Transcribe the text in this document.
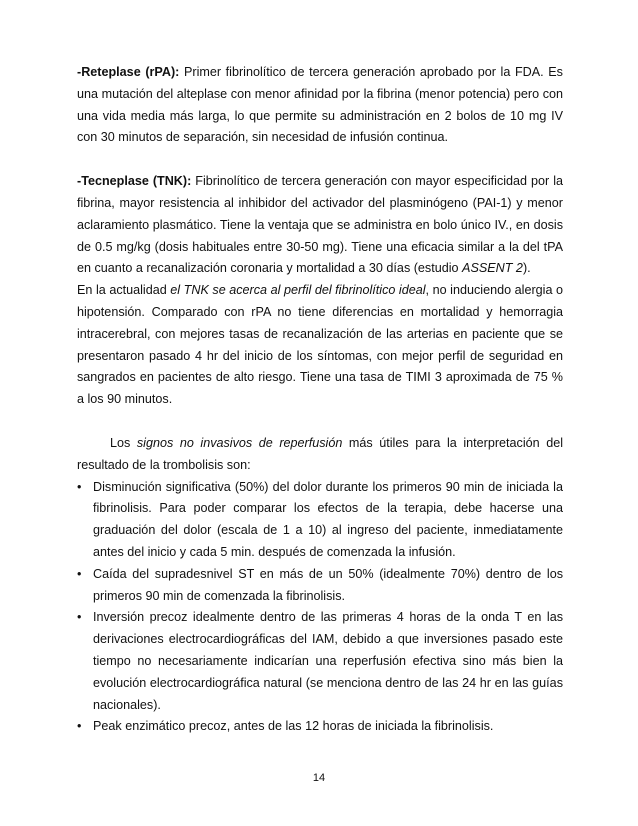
-Reteplase (rPA): Primer fibrinolítico de tercera generación aprobado por la FDA. Es una mutación del alteplase con menor afinidad por la fibrina (menor potencia) pero con una vida media más larga, lo que permite su administración en 2 bolos de 10 mg IV con 30 minutos de separación, sin necesidad de infusión continua.

-Tecneplase (TNK): Fibrinolítico de tercera generación con mayor especificidad por la fibrina, mayor resistencia al inhibidor del activador del plasminógeno (PAI-1) y menor aclaramiento plasmático. Tiene la ventaja que se administra en bolo único IV., en dosis de 0.5 mg/kg (dosis habituales entre 30-50 mg). Tiene una eficacia similar a la del tPA en cuanto a recanalización coronaria y mortalidad a 30 días (estudio ASSENT 2).

En la actualidad el TNK se acerca al perfil del fibrinolítico ideal, no induciendo alergia o hipotensión. Comparado con rPA no tiene diferencias en mortalidad y hemorragia intracerebral, con mejores tasas de recanalización de las arterias en paciente que se presentaron pasado 4 hr del inicio de los síntomas, con mejor perfil de seguridad en sangrados en pacientes de alto riesgo. Tiene una tasa de TIMI 3 aproximada de 75 % a los 90 minutos.

Los signos no invasivos de reperfusión más útiles para la interpretación del resultado de la trombolisis son:

• Disminución significativa (50%) del dolor durante los primeros 90 min de iniciada la fibrinolisis. Para poder comparar los efectos de la terapia, debe hacerse una graduación del dolor (escala de 1 a 10) al ingreso del paciente, inmediatamente antes del inicio y cada 5 min. después de comenzada la infusión.
• Caída del supradesnivel ST en más de un 50% (idealmente 70%) dentro de los primeros 90 min de comenzada la fibrinolisis.
• Inversión precoz idealmente dentro de las primeras 4 horas de la onda T en las derivaciones electrocardiográficas del IAM, debido a que inversiones pasado este tiempo no necesariamente indicarían una reperfusión efectiva sino más bien la evolución electrocardiográfica natural (se menciona dentro de las 24 hr en las guías nacionales).
• Peak enzimático precoz, antes de las 12 horas de iniciada la fibrinolisis.
14
